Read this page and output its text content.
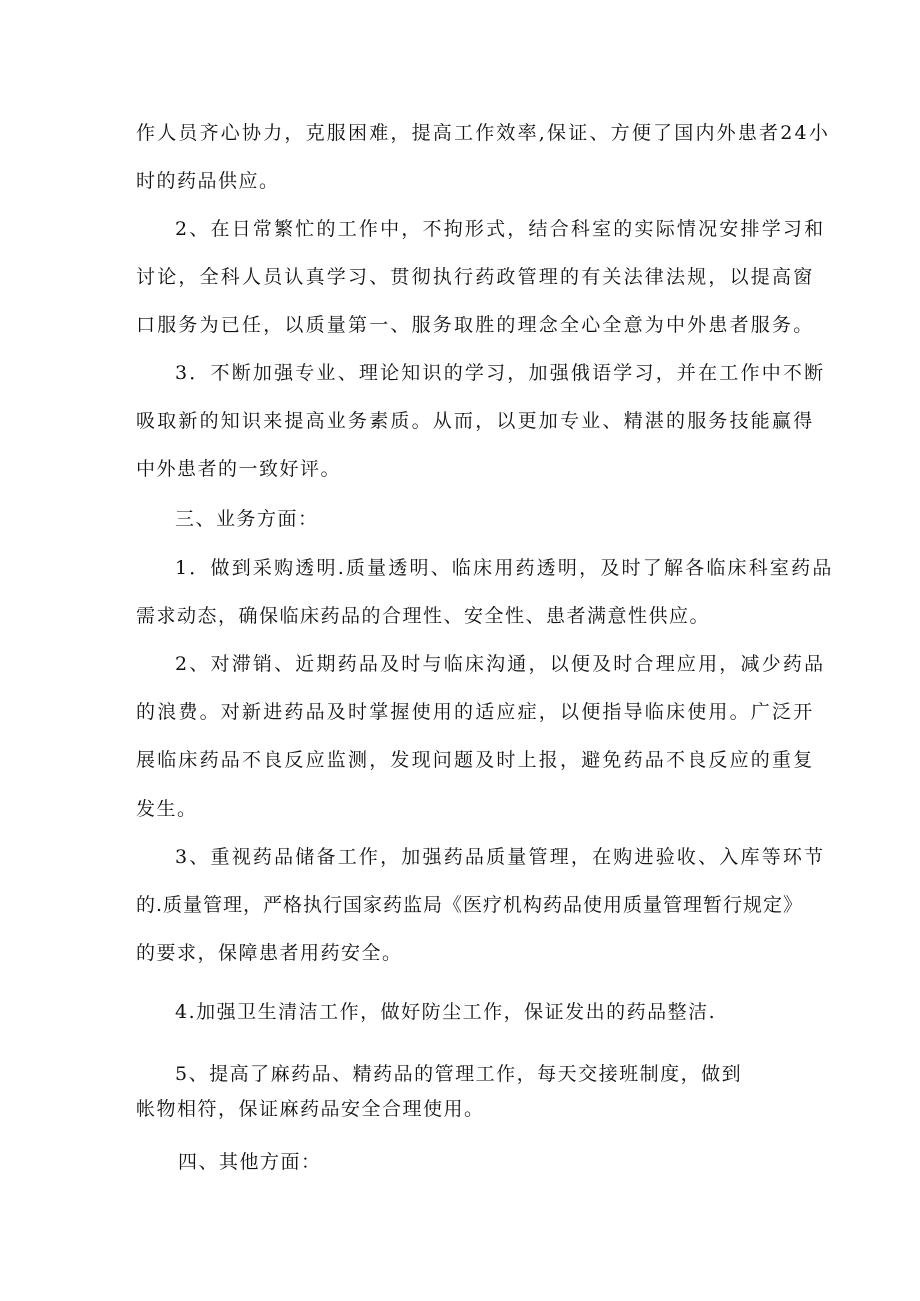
作人员齐心协力，克服困难，提高工作效率,保证、方便了国内外患者24小
时的药品供应。
2、在日常繁忙的工作中，不拘形式，结合科室的实际情况安排学习和
讨论，全科人员认真学习、贯彻执行药政管理的有关法律法规，以提高窗
口服务为已任，以质量第一、服务取胜的理念全心全意为中外患者服务。
3．不断加强专业、理论知识的学习，加强俄语学习，并在工作中不断
吸取新的知识来提高业务素质。从而，以更加专业、精湛的服务技能赢得
中外患者的一致好评。
三、业务方面：
1．做到采购透明.质量透明、临床用药透明，及时了解各临床科室药品
需求动态，确保临床药品的合理性、安全性、患者满意性供应。
2、对滞销、近期药品及时与临床沟通，以便及时合理应用，减少药品
的浪费。对新进药品及时掌握使用的适应症，以便指导临床使用。广泛开
展临床药品不良反应监测，发现问题及时上报，避免药品不良反应的重复
发生。
3、重视药品储备工作，加强药品质量管理，在购进验收、入库等环节
的.质量管理，严格执行国家药监局《医疗机构药品使用质量管理暂行规定》
的要求，保障患者用药安全。
4.加强卫生清洁工作，做好防尘工作，保证发出的药品整洁.
5、提高了麻药品、精药品的管理工作，每天交接班制度，做到
帐物相符，保证麻药品安全合理使用。
四、其他方面：
